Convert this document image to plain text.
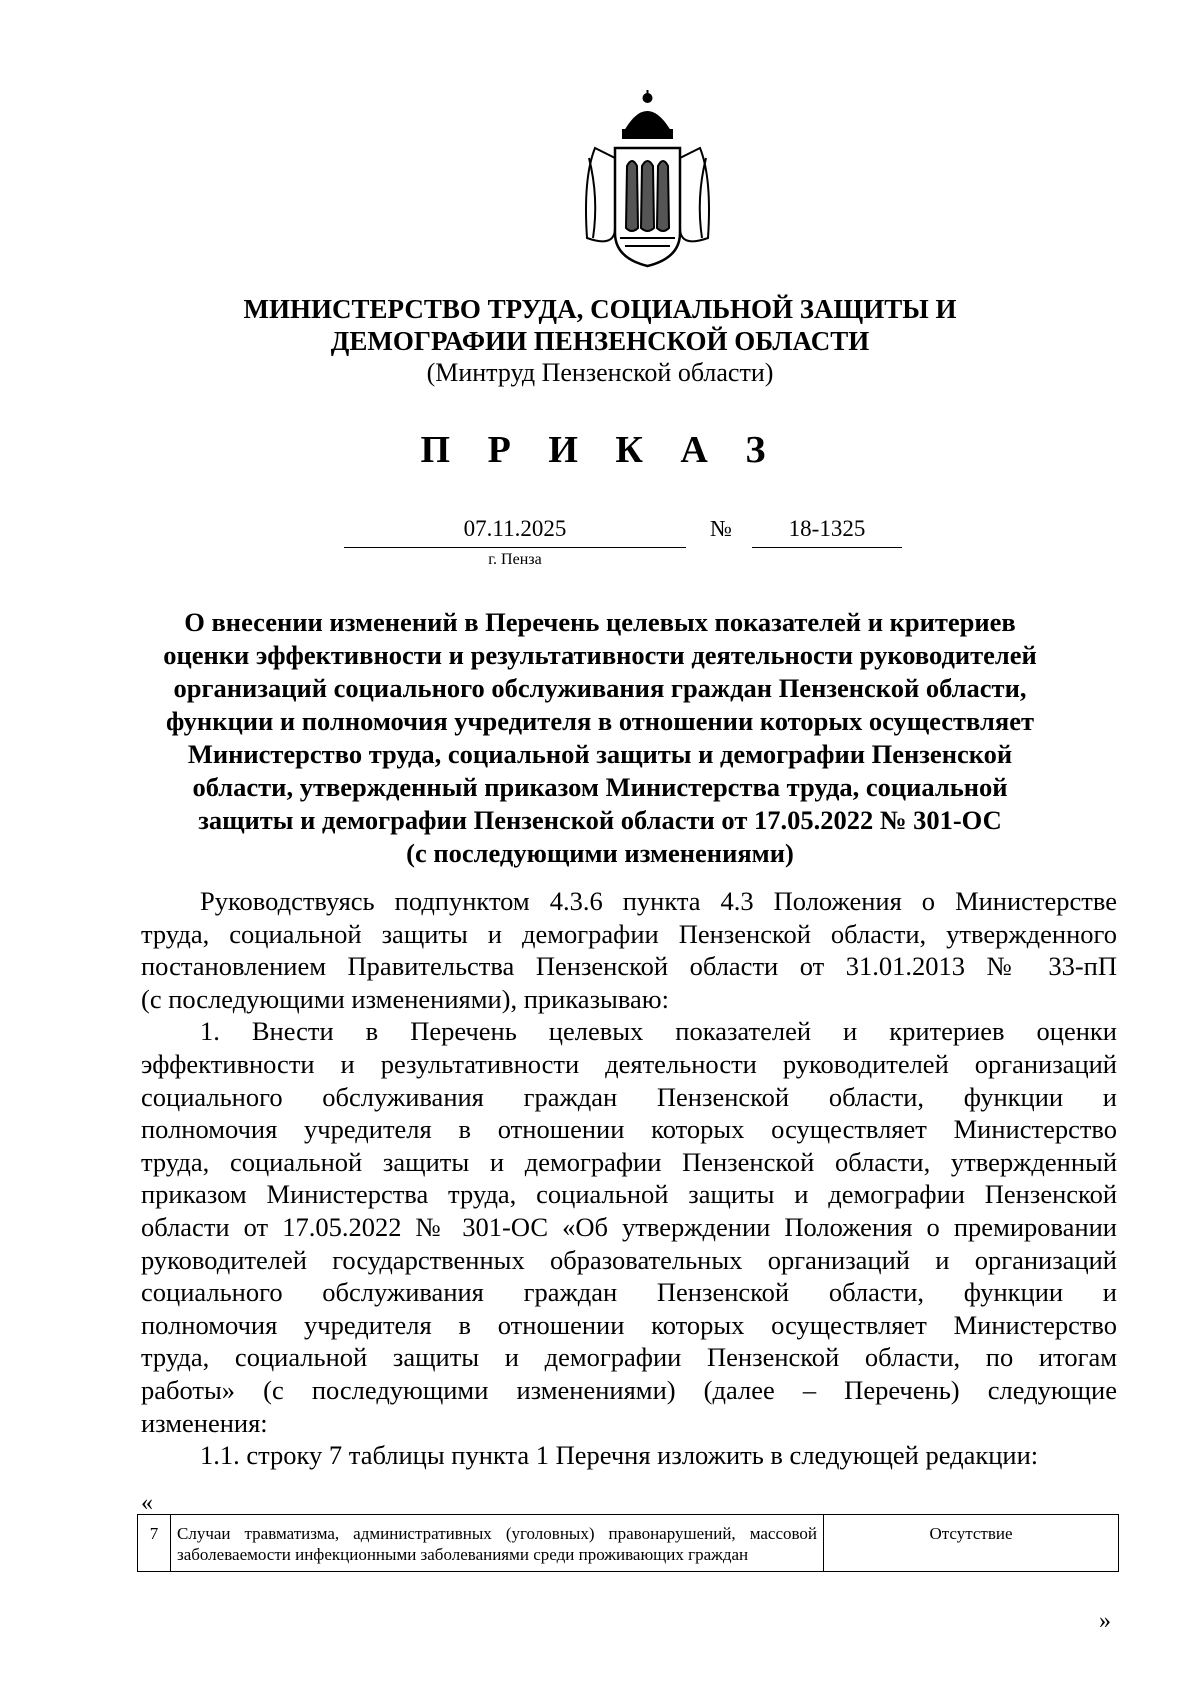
МИНИСТЕРСТВО ТРУДА, СОЦИАЛЬНОЙ ЗАЩИТЫ И
ДЕМОГРАФИИ ПЕНЗЕНСКОЙ ОБЛАСТИ
(Минтруд Пензенской области)
П Р И К А З
07.11.2025	№	18-1325
г. Пенза
О внесении изменений в Перечень целевых показателей и критериев
оценки эффективности и результативности деятельности руководителей
организаций социального обслуживания граждан Пензенской области,
функции и полномочия учредителя в отношении которых осуществляет
Министерство труда, социальной защиты и демографии Пензенской
области, утвержденный приказом Министерства труда, социальной
защиты и демографии Пензенской области от 17.05.2022 № 301-ОС
(с последующими изменениями)
Руководствуясь подпунктом 4.3.6 пункта 4.3 Положения о Министерстве
труда, социальной защиты и демографии Пензенской области, утвержденного
постановлением Правительства Пензенской области от 31.01.2013 № 33-пП
(с последующими изменениями), приказываю:
1. Внести в Перечень целевых показателей и критериев оценки
эффективности и результативности деятельности руководителей организаций
социального обслуживания граждан Пензенской области, функции и
полномочия учредителя в отношении которых осуществляет Министерство
труда, социальной защиты и демографии Пензенской области, утвержденный
приказом Министерства труда, социальной защиты и демографии Пензенской
области от 17.05.2022 № 301-ОС «Об утверждении Положения о премировании
руководителей государственных образовательных организаций и организаций
социального обслуживания граждан Пензенской области, функции и
полномочия учредителя в отношении которых осуществляет Министерство
труда, социальной защиты и демографии Пензенской области, по итогам
работы» (с последующими изменениями) (далее – Перечень) следующие
изменения:
1.1. строку 7 таблицы пункта 1 Перечня изложить в следующей редакции:
«
7	Случаи травматизма, административных (уголовных) правонарушений, массовой заболеваемости инфекционными заболеваниями среди проживающих граждан	Отсутствие
»
